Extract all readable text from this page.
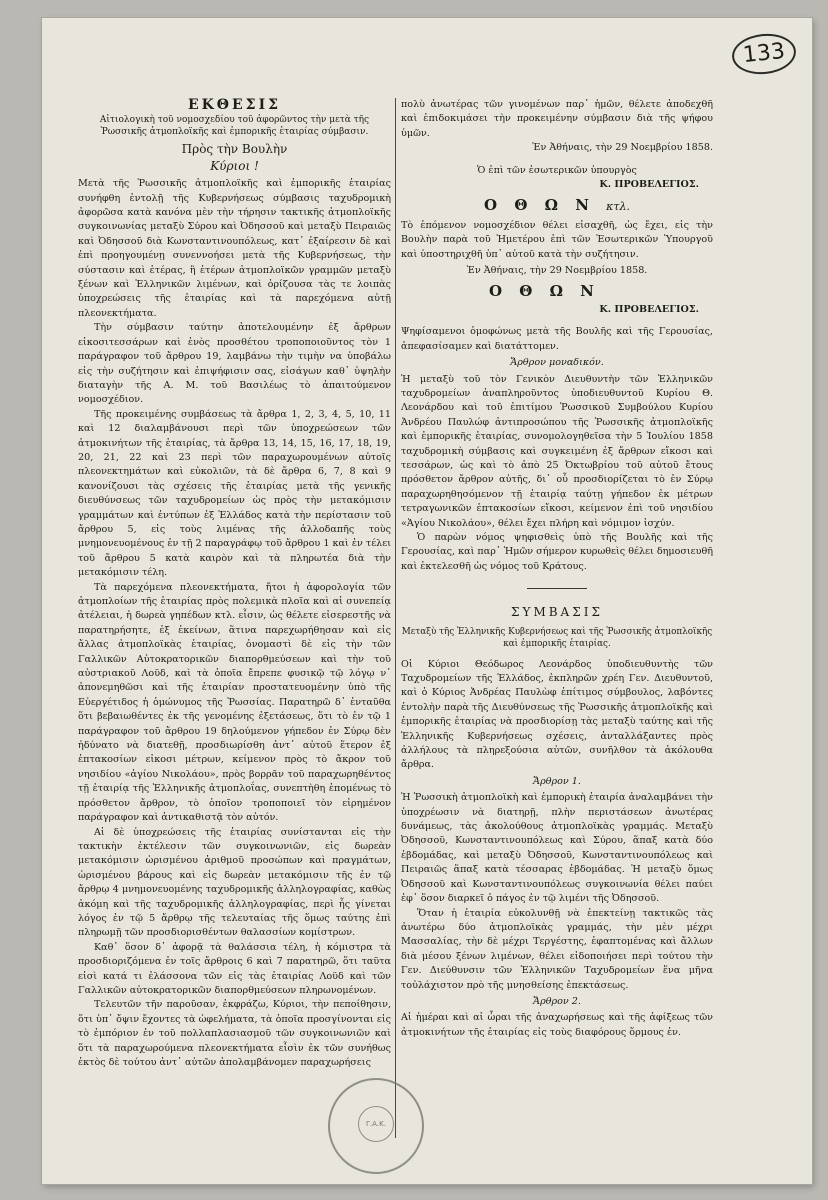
133
ΕΚΘΕΣΙΣ
Αἰτιολογικὴ τοῦ νομοσχεδίου τοῦ ἀφορῶντος τὴν μετὰ τῆς Ῥωσσικῆς ἀτμοπλοϊκῆς καὶ ἐμπορικῆς ἑταιρίας σύμβασιν.
Πρὸς τὴν Βουλὴν
Κύριοι !

Μετὰ τῆς Ῥωσσικῆς ἀτμοπλοϊκῆς καὶ ἐμπορικῆς ἑταιρίας συνήφθη ἐντολῇ τῆς Κυβερνήσεως σύμβασις ταχυδρομικὴ ἀφορῶσα κατὰ κανόνα μὲν τὴν τήρησιν τακτικῆς ἀτμοπλοϊκῆς συγκοινωνίας μεταξὺ Σύρου καὶ Ὀδησσοῦ καὶ μεταξὺ Πειραιῶς καὶ Ὀδησσοῦ διὰ Κωνσταντινουπόλεως, κατ᾽ ἐξαίρεσιν δὲ καὶ ἐπὶ προηγουμένῃ συνεννοήσει μετὰ τῆς Κυβερνήσεως, τὴν σύστασιν καὶ ἑτέρας, ἢ ἑτέρων ἀτμοπλοϊκῶν γραμμῶν μεταξὺ ξένων καὶ Ἑλληνικῶν λιμένων, καὶ ὁρίζουσα τὰς τε λοιπὰς ὑποχρεώσεις τῆς ἑταιρίας καὶ τὰ παρεχόμενα αὐτῇ πλεονεκτήματα.

Τὴν σύμβασιν ταύτην ἀποτελουμένην ἐξ ἄρθρων εἰκοσιτεσσάρων καὶ ἑνὸς προσθέτου τροποποιοῦντος τὸν 1 παράγραφον τοῦ ἄρθρου 19, λαμβάνω τὴν τιμὴν να ὑποβάλω εἰς τὴν συζήτησιν καὶ ἐπιψήφισιν σας, εἰσάγων καθ᾽ ὑψηλὴν διαταγὴν τῆς Α. Μ. τοῦ Βασιλέως τὸ ἀπαιτούμενον νομοσχέδιον.

Τῆς προκειμένης συμβάσεως τὰ ἄρθρα 1, 2, 3, 4, 5, 10, 11 καὶ 12 διαλαμβάνουσι περὶ τῶν ὑποχρεώσεων τῶν ἀτμοκινήτων τῆς ἑταιρίας, τὰ ἄρθρα 13, 14, 15, 16, 17, 18, 19, 20, 21, 22 καὶ 23 περὶ τῶν παραχωρουμένων αὐτοῖς πλεονεκτημάτων καὶ εὐκολιῶν, τὰ δὲ ἄρθρα 6, 7, 8 καὶ 9 κανονίζουσι τὰς σχέσεις τῆς ἑταιρίας μετὰ τῆς γενικῆς διευθύνσεως τῶν ταχυδρομείων ὡς πρὸς τὴν μετακόμισιν γραμμάτων καὶ ἐντύπων ἐξ Ἑλλάδος κατὰ τὴν περίστασιν τοῦ ἄρθρου 5, εἰς τοὺς λιμένας τῆς ἀλλοδαπῆς τοὺς μνημονευομένους ἐν τῇ 2 παραγράφῳ τοῦ ἄρθρου 1 καὶ ἐν τέλει τοῦ ἄρθρου 5 κατὰ καιρὸν καὶ τὰ πληρωτέα διὰ τὴν μετακόμισιν τέλη.

Τὰ παρεχόμενα πλεονεκτήματα, ἤτοι ἡ ἀφορολογία τῶν ἀτμοπλοίων τῆς ἑταιρίας πρὸς πολεμικὰ πλοῖα καὶ αἱ συνεπείᾳ ἀτέλειαι, ἡ δωρεὰ γηπέδων κτλ. εἶσιν, ὡς θέλετε εἰσερεστῆς νὰ παρατηρήσητε, ἐξ ἐκείνων, ἅτινα παρεχωρήθησαν καὶ εἰς ἄλλας ἀτμοπλοϊκὰς ἑταιρίας, ὀνομαστὶ δὲ εἰς τὴν τῶν Γαλλικῶν Αὐτοκρατορικῶν διαπορθμεύσεων καὶ τὴν τοῦ αὐστριακοῦ Λοϋδ, καὶ τὰ ὁποῖα ἔπρεπε φυσικῷ τῷ λόγῳ ν᾽ ἀπονεμηθῶσι καὶ τῆς ἑταιρίαν προστατευομένην ὑπὸ τῆς Εὐεργέτιδος ἡ ὁμώνυμος τῆς Ῥωσσίας. Παρατηρῶ δ᾽ ἐνταῦθα ὅτι βεβαιωθέντες ἐκ τῆς γενομένης ἐξετάσεως, ὅτι τὸ ἐν τῷ 1 παράγραφον τοῦ ἄρθρου 19 δηλούμενον γήπεδον ἐν Σύρῳ δὲν ἠδύνατο νὰ διατεθῇ, προσδιωρίσθη ἀντ᾽ αὐτοῦ ἕτερον ἐξ ἑπτακοσίων εἰκοσι μέτρων, κείμενον πρὸς τὸ ἄκρον τοῦ νησιδίου «ἁγίου Νικολάου», πρὸς βορρᾶν τοῦ παραχωρηθέντος τῇ ἑταιρίᾳ τῆς Ἑλληνικῆς ἀτμοπλοΐας, συνεπτὴθη ἑπομένως τὸ πρόσθετον ἄρθρον, τὸ ὁποῖον τροποποιεῖ τὸν εἰρημένον παράγραφον καὶ ἀντικαθιστᾷ τὸν αὐτόν.

Αἱ δὲ ὑποχρεώσεις τῆς ἑταιρίας συνίστανται εἰς τὴν τακτικὴν ἐκτέλεσιν τῶν συγκοινωνιῶν, εἰς δωρεὰν μετακόμισιν ὡρισμένου ἀριθμοῦ προσώπων καὶ πραγμάτων, ὡρισμένου βάρους καὶ εἰς δωρεὰν μετακόμισιν τῆς ἐν τῷ ἄρθρῳ 4 μνημονευομένης ταχυδρομικῆς ἀλληλογραφίας, καθὼς ἀκόμη καὶ τῆς ταχυδρομικῆς ἀλληλογραφίας, περὶ ἧς γίνεται λόγος ἐν τῷ 5 ἄρθρῳ τῆς τελευταίας τῆς ὅμως ταύτης ἐπὶ πληρωμῇ τῶν προσδιορισθέντων θαλασσίων κομίστρων.

Καθ᾽ ὅσον δ᾽ ἀφορᾷ τὰ θαλάσσια τέλη, ἡ κόμιστρα τὰ προσδιοριζόμενα ἐν τοῖς ἄρθροις 6 καὶ 7 παρατηρῶ, ὅτι ταῦτα εἰσὶ κατά τι ἐλάσσονα τῶν εἰς τὰς ἑταιρίας Λοϋδ καὶ τῶν Γαλλικῶν αὐτοκρατορικῶν διαπορθμεύσεων πληρωνομένων.

Τελευτῶν τῆν παροῦσαν, ἐκφράζω, Κύριοι, τὴν πεποίθησιν, ὅτι ὑπ᾽ ὄψιν ἔχοντες τὰ ὠφελήματα, τὰ ὁποῖα προσγίνονται εἰς τὸ ἐμπόριον ἐν τοῦ πολλαπλασιασμοῦ τῶν συγκοινωνιῶν καὶ ὅτι τὰ παραχωρούμενα πλεονεκτήματα εἶσὶν ἐκ τῶν συνήθως ἐκτὸς δὲ τούτου ἀντ᾽ αὐτῶν ἀπολαμβάνομεν παραχωρήσεις

πολὺ ἀνωτέρας τῶν γινομένων παρ᾽ ἡμῶν, θέλετε ἀποδεχθῆ καὶ ἐπιδοκιμάσει τὴν προκειμένην σύμβασιν διὰ τῆς ψήφου ὑμῶν.

Ἐν Ἀθήναις, τὴν 29 Νοεμβρίου 1858.
Ὁ ἐπὶ τῶν ἐσωτερικῶν ὑπουργὸς
Κ. ΠΡΟΒΕΛΕΓΙΟΣ.
Ο Θ Ω Ν κτλ.

Τὸ ἑπόμενον νομοσχέδιον θέλει εἰσαχθῆ, ὡς ἔχει, εἰς τὴν Βουλὴν παρὰ τοῦ Ἡμετέρου ἐπὶ τῶν Ἐσωτερικῶν Ὑπουργοῦ καὶ ὑποστηριχθῆ ὑπ᾽ αὐτοῦ κατὰ τὴν συζήτησιν.

Ἐν Ἀθήναις, τὴν 29 Νοεμβρίου 1858.
Ο Θ Ω Ν
Κ. ΠΡΟΒΕΛΕΓΙΟΣ.

Ψηφίσαμενοι ὁμοφώνως μετὰ τῆς Βουλῆς καὶ τῆς Γερουσίας, ἀπεφασίσαμεν καὶ διατάττομεν.

Ἄρθρον μοναδικόν.

Ἡ μεταξὺ τοῦ τὸν Γενικὸν Διευθυντὴν τῶν Ἑλληνικῶν ταχυδρομείων ἀναπληροῦντος ὑποδιευθυντοῦ Κυρίου Θ. Λεονάρδου καὶ τοῦ ἐπιτίμου Ῥωσσικοῦ Συμβούλου Κυρίου Ἀνδρέου Παυλώφ ἀντιπροσώπου τῆς Ῥωσσικῆς ἀτμοπλοϊκῆς καὶ ἐμπορικῆς ἑταιρίας, συνομολογηθεῖσα τὴν 5 Ἰουλίου 1858 ταχυδρομικὴ σύμβασις καὶ συγκειμένη ἐξ ἄρθρων εἴκοσι καὶ τεσσάρων, ὡς καὶ τὸ ἀπὸ 25 Ὀκτωβρίου τοῦ αὐτοῦ ἔτους πρόσθετον ἄρθρον αὐτῆς, δι᾽ οὗ προσδιορίζεται τὸ ἐν Σύρῳ παραχωρηθησόμενον τῇ ἑταιρίᾳ ταύτῃ γήπεδον ἐκ μέτρων τετραγωνικῶν ἑπτακοσίων εἴκοσι, κείμενον ἐπὶ τοῦ νησιδίου «Ἁγίου Νικολάου», θέλει ἔχει πλήρη καὶ νόμιμον ἰσχύν.

Ὁ παρὼν νόμος ψηφισθεὶς ὑπὸ τῆς Βουλῆς καὶ τῆς Γερουσίας, καὶ παρ᾽ Ἡμῶν σήμερον κυρωθεὶς θέλει δημοσιευθῆ καὶ ἐκτελεσθῆ ὡς νόμος τοῦ Κράτους.

ΣΥΜΒΑΣΙΣ
Μεταξὺ τῆς Ἑλληνικῆς Κυβερνήσεως καὶ τῆς Ῥωσσικῆς ἀτμοπλοϊκῆς καὶ ἐμπορικῆς ἑταιρίας.

Οἱ Κύριοι Θεόδωρος Λεονάρδος ὑποδιευθυντὴς τῶν Ταχυδρομείων τῆς Ἑλλάδος, ἐκπληρῶν χρέη Γεν. Διευθυντοῦ, καὶ ὁ Κύριος Ἀνδρέας Παυλὼφ ἐπίτιμος σύμβουλος, λαβόντες ἐντολὴν παρὰ τῆς Διευθύνσεως τῆς Ῥωσσικῆς ἀτμοπλοϊκῆς καὶ ἐμπορικῆς ἑταιρίας νὰ προσδιορίσῃ τὰς μεταξὺ ταύτης καὶ τῆς Ἑλληνικῆς Κυβερνήσεως σχέσεις, ἀνταλλάξαντες πρὸς ἀλλήλους τὰ πληρεξούσια αὐτῶν, συνῆλθον τὰ ἀκόλουθα ἄρθρα.

Ἄρθρον 1.

Ἡ Ῥωσσικὴ ἀτμοπλοϊκὴ καὶ ἐμπορικὴ ἑταιρία ἀναλαμβάνει τὴν ὑποχρέωσιν νὰ διατηρῇ, πλὴν περιστάσεων ἀνωτέρας δυνάμεως, τὰς ἀκολούθους ἀτμοπλοϊκὰς γραμμάς. Μεταξὺ Ὀδησσοῦ, Κωνσταντινουπόλεως καὶ Σύρου, ἅπαξ κατὰ δύο ἑβδομάδας, καὶ μεταξὺ Ὀδησσοῦ, Κωνσταντινουπόλεως καὶ Πειραιῶς ἅπαξ κατὰ τέσσαρας ἑβδομάδας. Ἡ μεταξὺ ὅμως Ὀδησσοῦ καὶ Κωνσταντινουπόλεως συγκοινωνία θέλει παύει ἐφ᾽ ὅσον διαρκεῖ ὁ πάγος ἐν τῷ λιμένι τῆς Ὀδησσοῦ.

Ὅταν ἡ ἑταιρία εὐκολυνθῇ νὰ ἐπεκτείνῃ τακτικῶς τὰς ἀνωτέρω δύο ἀτμοπλοϊκὰς γραμμάς, τὴν μὲν μέχρι Μασσαλίας, τὴν δὲ μέχρι Τεργέστης, ἐφαπτομένας καὶ ἄλλων διὰ μέσου ξένων λιμένων, θέλει εἰδοποιήσει περὶ τούτου τὴν Γεν. Διεύθυνσιν τῶν Ἑλληνικῶν Ταχυδρομείων ἕνα μῆνα τοὐλάχιστον πρὸ τῆς μνησθείσης ἐπεκτάσεως.

Ἄρθρον 2.

Αἱ ἡμέραι καὶ αἱ ὧραι τῆς ἀναχωρήσεως καὶ τῆς ἀφίξεως τῶν ἀτμοκινήτων τῆς ἑταιρίας εἰς τοὺς διαφόρους ὅρμους ἐν.

Γ.Α.Κ.
